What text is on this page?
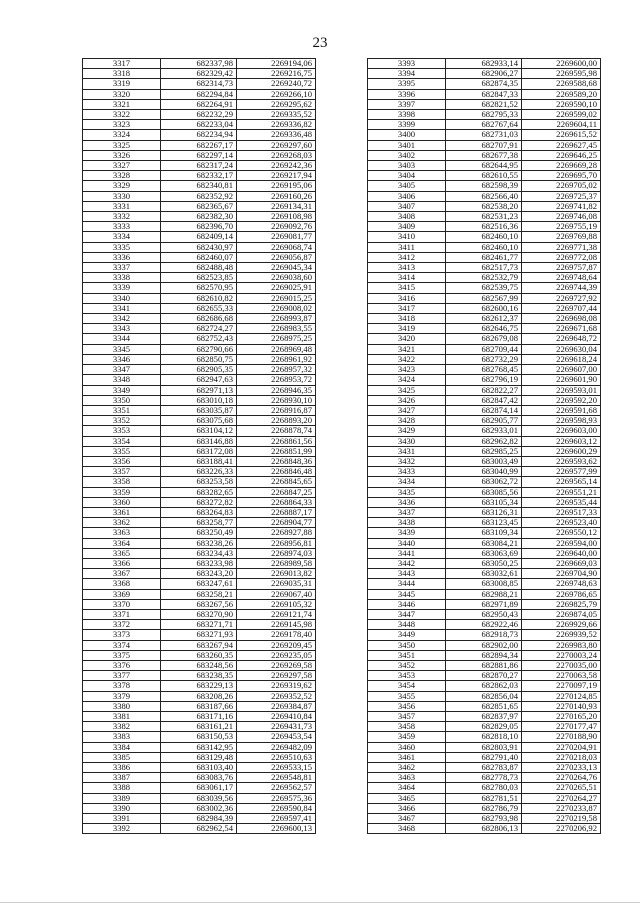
23
3317	682337,98	2269194,06
3318	682329,42	2269216,75
3319	682314,73	2269240,72
3320	682294,84	2269266,10
3321	682264,91	2269295,62
3322	682232,29	2269335,52
3323	682233,04	2269336,82
3324	682234,94	2269336,48
3325	682267,17	2269297,60
3326	682297,14	2269268,03
3327	682317,24	2269242,36
3328	682332,17	2269217,94
3329	682340,81	2269195,06
3330	682352,92	2269160,26
3331	682365,67	2269134,31
3332	682382,30	2269108,98
3333	682396,70	2269092,76
3334	682409,14	2269081,77
3335	682430,97	2269068,74
3336	682460,07	2269056,87
3337	682488,48	2269045,34
3338	682523,85	2269038,60
3339	682570,95	2269025,91
3340	682610,82	2269015,25
3341	682655,33	2269008,02
3342	682686,68	2268993,87
3343	682724,27	2268983,55
3344	682752,43	2268975,25
3345	682790,66	2268969,48
3346	682850,75	2268961,92
3347	682905,35	2268957,32
3348	682947,63	2268953,72
3349	682971,13	2268946,35
3350	683010,18	2268930,10
3351	683035,87	2268916,87
3352	683075,68	2268893,20
3353	683104,12	2268878,74
3354	683146,88	2268861,56
3355	683172,08	2268851,99
3356	683188,41	2268848,36
3357	683226,33	2268846,48
3358	683253,58	2268845,65
3359	683282,65	2268847,25
3360	683272,82	2268864,33
3361	683264,83	2268887,17
3362	683258,77	2268904,77
3363	683250,49	2268927,88
3364	683238,26	2268956,81
3365	683234,43	2268974,03
3366	683233,98	2268989,58
3367	683243,20	2269013,82
3368	683247,61	2269035,31
3369	683258,21	2269067,40
3370	683267,56	2269105,32
3371	683270,90	2269121,74
3372	683271,71	2269145,98
3373	683271,93	2269178,40
3374	683267,94	2269209,45
3375	683260,35	2269235,05
3376	683248,56	2269269,58
3377	683238,35	2269297,58
3378	683229,13	2269319,62
3379	683208,26	2269352,52
3380	683187,66	2269384,87
3381	683171,16	2269410,84
3382	683161,21	2269431,73
3383	683150,53	2269453,54
3384	683142,95	2269482,09
3385	683129,48	2269510,63
3386	683103,40	2269533,15
3387	683083,76	2269548,81
3388	683061,17	2269562,57
3389	683039,56	2269575,36
3390	683002,36	2269590,84
3391	682984,39	2269597,41
3392	682962,54	2269600,13
3393	682933,14	2269600,00
3394	682906,27	2269595,98
3395	682874,35	2269588,68
3396	682847,33	2269589,20
3397	682821,52	2269590,10
3398	682795,33	2269599,02
3399	682767,64	2269604,11
3400	682731,03	2269615,52
3401	682707,91	2269627,45
3402	682677,38	2269646,25
3403	682644,95	2269669,28
3404	682610,55	2269695,70
3405	682598,39	2269705,02
3406	682566,40	2269725,37
3407	682538,20	2269741,82
3408	682531,23	2269746,08
3409	682516,36	2269755,19
3410	682460,10	2269769,88
3411	682460,10	2269771,38
3412	682461,77	2269772,08
3413	682517,73	2269757,87
3414	682532,79	2269748,64
3415	682539,75	2269744,39
3416	682567,99	2269727,92
3417	682600,16	2269707,44
3418	682612,37	2269698,08
3419	682646,75	2269671,68
3420	682679,08	2269648,72
3421	682709,44	2269630,04
3422	682732,29	2269618,24
3423	682768,45	2269607,00
3424	682796,19	2269601,90
3425	682822,27	2269593,01
3426	682847,42	2269592,20
3427	682874,14	2269591,68
3428	682905,77	2269598,93
3429	682933,01	2269603,00
3430	682962,82	2269603,12
3431	682985,25	2269600,29
3432	683003,49	2269593,62
3433	683040,99	2269577,99
3434	683062,72	2269565,14
3435	683085,56	2269551,21
3436	683105,34	2269535,44
3437	683126,31	2269517,33
3438	683123,45	2269523,40
3439	683109,34	2269550,12
3440	683084,21	2269594,00
3441	683063,69	2269640,00
3442	683050,25	2269669,03
3443	683032,61	2269704,90
3444	683008,85	2269748,63
3445	682988,21	2269786,65
3446	682971,89	2269825,79
3447	682950,43	2269874,05
3448	682922,46	2269929,66
3449	682918,73	2269939,52
3450	682902,00	2269983,80
3451	682894,34	2270003,24
3452	682881,86	2270035,00
3453	682870,27	2270063,58
3454	682862,03	2270097,19
3455	682856,04	2270124,85
3456	682851,65	2270140,93
3457	682837,97	2270165,20
3458	682829,05	2270177,47
3459	682818,10	2270188,90
3460	682803,91	2270204,91
3461	682791,40	2270218,03
3462	682783,87	2270233,13
3463	682778,73	2270264,76
3464	682780,03	2270265,51
3465	682781,51	2270264,27
3466	682786,79	2270233,87
3467	682793,98	2270219,58
3468	682806,13	2270206,92
